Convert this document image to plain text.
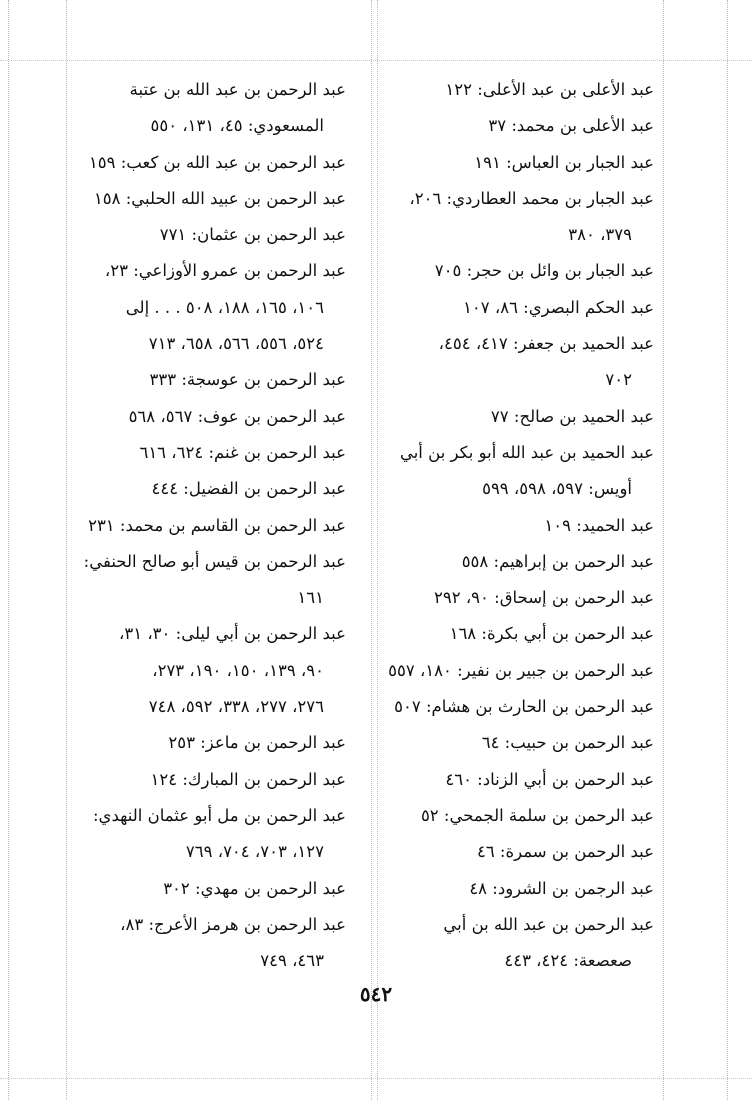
عبد الأعلى بن عبد الأعلى: ١٢٢
عبد الأعلى بن محمد: ٣٧
عبد الجبار بن العباس: ١٩١
عبد الجبار بن محمد العطاردي: ٢٠٦،
٣٧٩، ٣٨٠
عبد الجبار بن وائل بن حجر: ٧٠٥
عبد الحكم البصري: ٨٦، ١٠٧
عبد الحميد بن جعفر: ٤١٧، ٤٥٤،
٧٠٢
عبد الحميد بن صالح: ٧٧
عبد الحميد بن عبد الله أبو بكر بن أبي
أويس: ٥٩٧، ٥٩٨، ٥٩٩
عبد الحميد: ١٠٩
عبد الرحمن بن إبراهيم: ٥٥٨
عبد الرحمن بن إسحاق: ٩٠، ٢٩٢
عبد الرحمن بن أبي بكرة: ١٦٨
عبد الرحمن بن جبير بن نفير: ١٨٠، ٥٥٧
عبد الرحمن بن الحارث بن هشام: ٥٠٧
عبد الرحمن بن حبيب: ٦٤
عبد الرحمن بن أبي الزناد: ٤٦٠
عبد الرحمن بن سلمة الجمحي: ٥٢
عبد الرحمن بن سمرة: ٤٦
عبد الرجمن بن الشرود: ٤٨
عبد الرحمن بن عبد الله بن أبي
صعصعة: ٤٢٤، ٤٤٣
عبد الرحمن بن عبد الله بن عتبة
المسعودي: ٤٥، ١٣١، ٥٥٠
عبد الرحمن بن عبد الله بن كعب: ١٥٩
عبد الرحمن بن عبيد الله الحلبي: ١٥٨
عبد الرحمن بن عثمان: ٧٧١
عبد الرحمن بن عمرو الأوزاعي: ٢٣،
١٠٦، ١٦٥، ١٨٨، ٥٠٨ . . . إلى
٥٢٤، ٥٥٦، ٥٦٦، ٦٥٨، ٧١٣
عبد الرحمن بن عوسجة: ٣٣٣
عبد الرحمن بن عوف: ٥٦٧، ٥٦٨
عبد الرحمن بن غنم: ٦٢٤، ٦١٦
عبد الرحمن بن الفضيل: ٤٤٤
عبد الرحمن بن القاسم بن محمد: ٢٣١
عبد الرحمن بن قيس أبو صالح الحنفي:
١٦١
عبد الرحمن بن أبي ليلى: ٣٠، ٣١،
٩٠، ١٣٩، ١٥٠، ١٩٠، ٢٧٣،
٢٧٦، ٢٧٧، ٣٣٨، ٥٩٢، ٧٤٨
عبد الرحمن بن ماعز: ٢٥٣
عبد الرحمن بن المبارك: ١٢٤
عبد الرحمن بن مل أبو عثمان النهدي:
١٢٧، ٧٠٣، ٧٠٤، ٧٦٩
عبد الرحمن بن مهدي: ٣٠٢
عبد الرحمن بن هرمز الأعرج: ٨٣،
٤٦٣، ٧٤٩
٥٤٢
